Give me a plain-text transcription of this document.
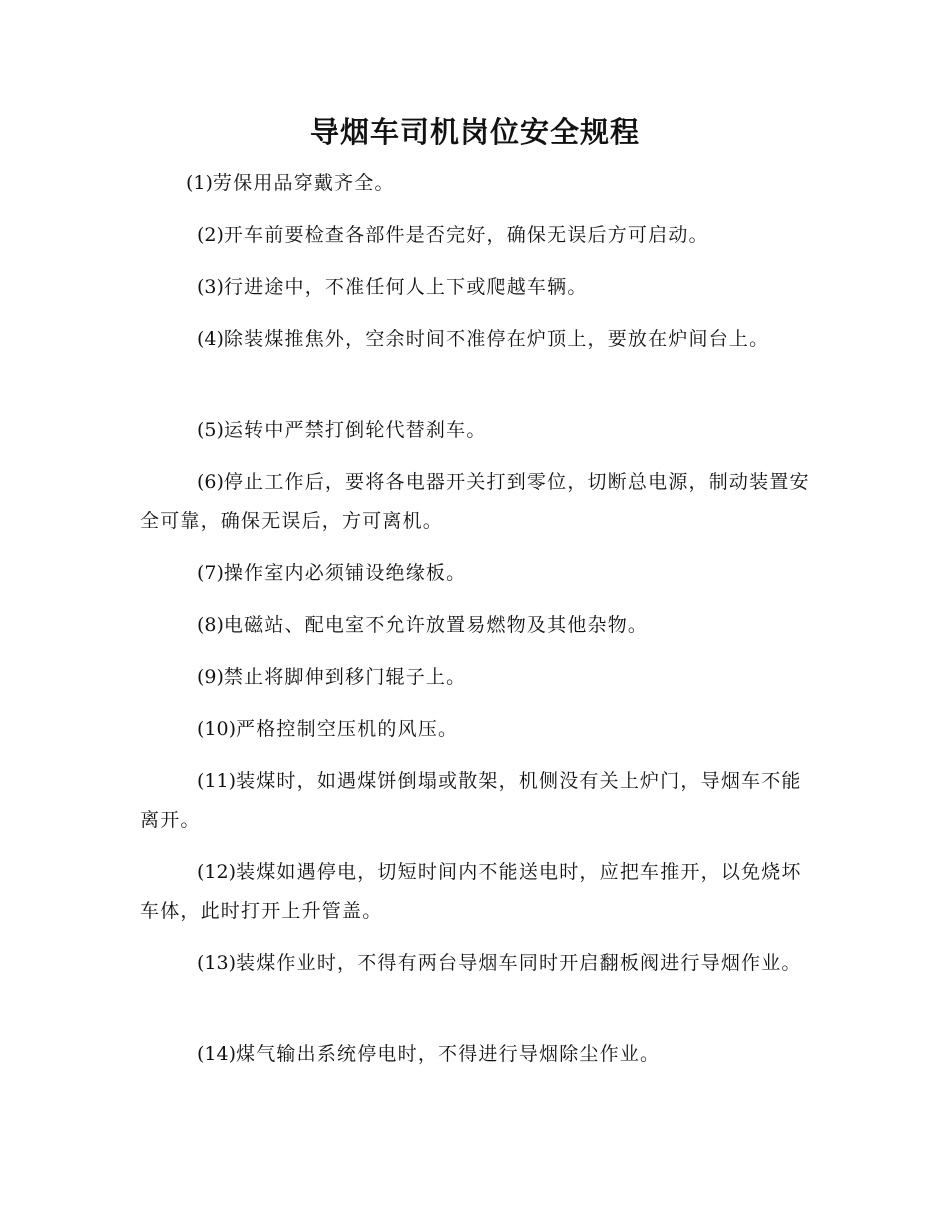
导烟车司机岗位安全规程

(1)劳保用品穿戴齐全。

(2)开车前要检查各部件是否完好，确保无误后方可启动。

(3)行进途中，不准任何人上下或爬越车辆。

(4)除装煤推焦外，空余时间不准停在炉顶上，要放在炉间台上。

(5)运转中严禁打倒轮代替刹车。

(6)停止工作后，要将各电器开关打到零位，切断总电源，制动装置安全可靠，确保无误后，方可离机。

(7)操作室内必须铺设绝缘板。

(8)电磁站、配电室不允许放置易燃物及其他杂物。

(9)禁止将脚伸到移门辊子上。

(10)严格控制空压机的风压。

(11)装煤时，如遇煤饼倒塌或散架，机侧没有关上炉门，导烟车不能离开。

(12)装煤如遇停电，切短时间内不能送电时，应把车推开，以免烧坏车体，此时打开上升管盖。

(13)装煤作业时，不得有两台导烟车同时开启翻板阀进行导烟作业。

(14)煤气输出系统停电时，不得进行导烟除尘作业。
